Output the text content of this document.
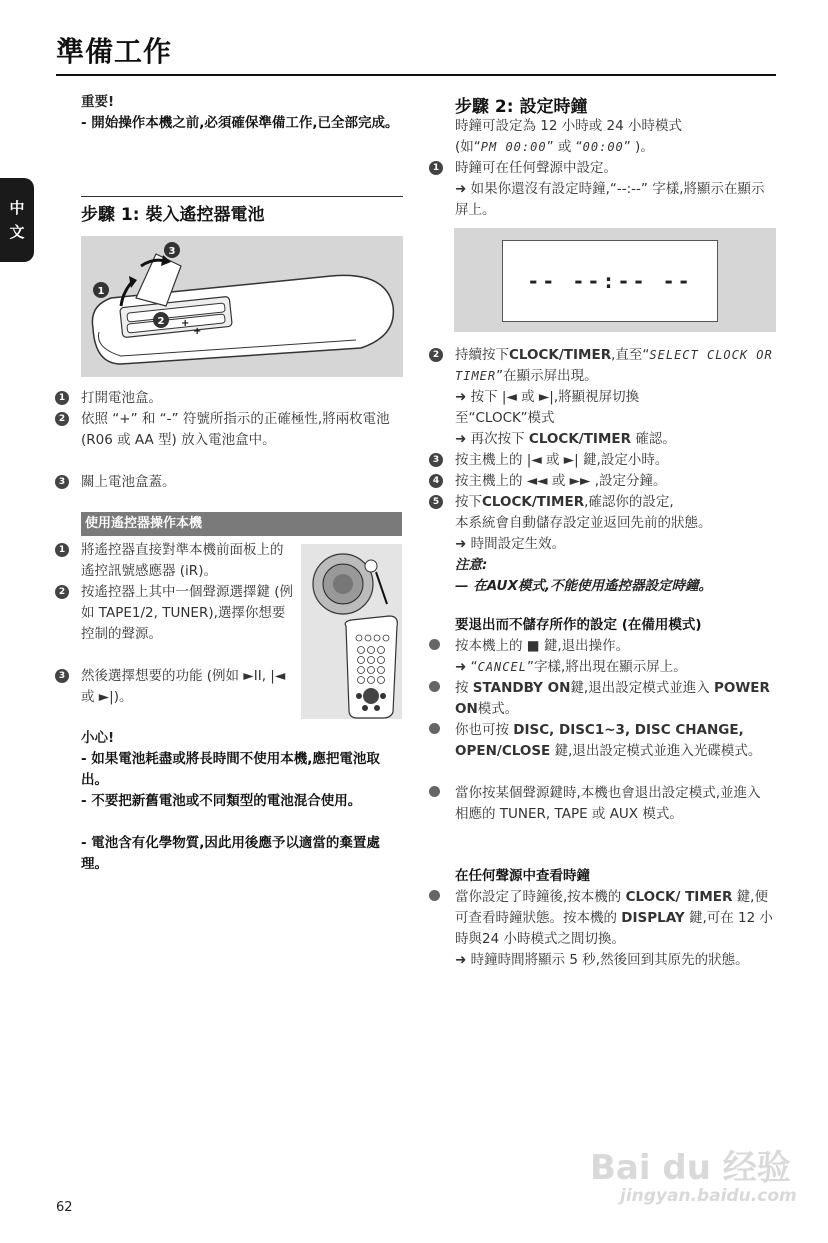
準備工作
中
文
重要!
- 開始操作本機之前,必須確保準備工作,已全部完成。
步驟 1: 裝入遙控器電池
+
+
1
2
3
1 打開電池盒。
2 依照 “+” 和 “-” 符號所指示的正確極性,將兩枚電池 (R06 或 AA 型) 放入電池盒中。
3 關上電池盒蓋。
使用遙控器操作本機
1 將遙控器直接對準本機前面板上的遙控訊號感應器 (iR)。
2 按遙控器上其中一個聲源選擇鍵 (例如 TAPE1/2, TUNER),選擇你想要控制的聲源。
3 然後選擇想要的功能 (例如 ►II, |◄ 或 ►|)。
小心!
- 如果電池耗盡或將長時間不使用本機,應把電池取出。
- 不要把新舊電池或不同類型的電池混合使用。
- 電池含有化學物質,因此用後應予以適當的棄置處理。
步驟 2: 設定時鐘
時鐘可設定為 12 小時或 24 小時模式
(如“PM 00:00” 或 “00:00” )。
1 時鐘可在任何聲源中設定。
➜ 如果你還沒有設定時鐘,“--:--” 字樣,將顯示在顯示屏上。
-- --:-- --
2 持續按下CLOCK/TIMER,直至“SELECT CLOCK OR TIMER”在顯示屏出現。
➜ 按下 |◄ 或 ►|,將顯視屏切換至“CLOCK”模式
➜ 再次按下 CLOCK/TIMER 確認。
3 按主機上的 |◄ 或 ►| 鍵,設定小時。
4 按主機上的 ◄◄ 或 ►► ,設定分鐘。
5 按下CLOCK/TIMER,確認你的設定,
本系統會自動儲存設定並返回先前的狀態。
➜ 時間設定生效。
注意:
— 在AUX模式,不能使用遙控器設定時鐘。
要退出而不儲存所作的設定 (在備用模式)
按本機上的 ■ 鍵,退出操作。
➜ “CANCEL”字樣,將出現在顯示屏上。
按 STANDBY ON鍵,退出設定模式並進入 POWER ON模式。
你也可按 DISC, DISC1~3, DISC CHANGE, OPEN/CLOSE 鍵,退出設定模式並進入光碟模式。
當你按某個聲源鍵時,本機也會退出設定模式,並進入相應的 TUNER, TAPE 或 AUX 模式。
在任何聲源中查看時鐘
當你設定了時鐘後,按本機的 CLOCK/ TIMER 鍵,便可查看時鐘狀態。按本機的 DISPLAY 鍵,可在 12 小時與24 小時模式之間切換。
➜ 時鐘時間將顯示 5 秒,然後回到其原先的狀態。
Bai du 经验
jingyan.baidu.com
62
